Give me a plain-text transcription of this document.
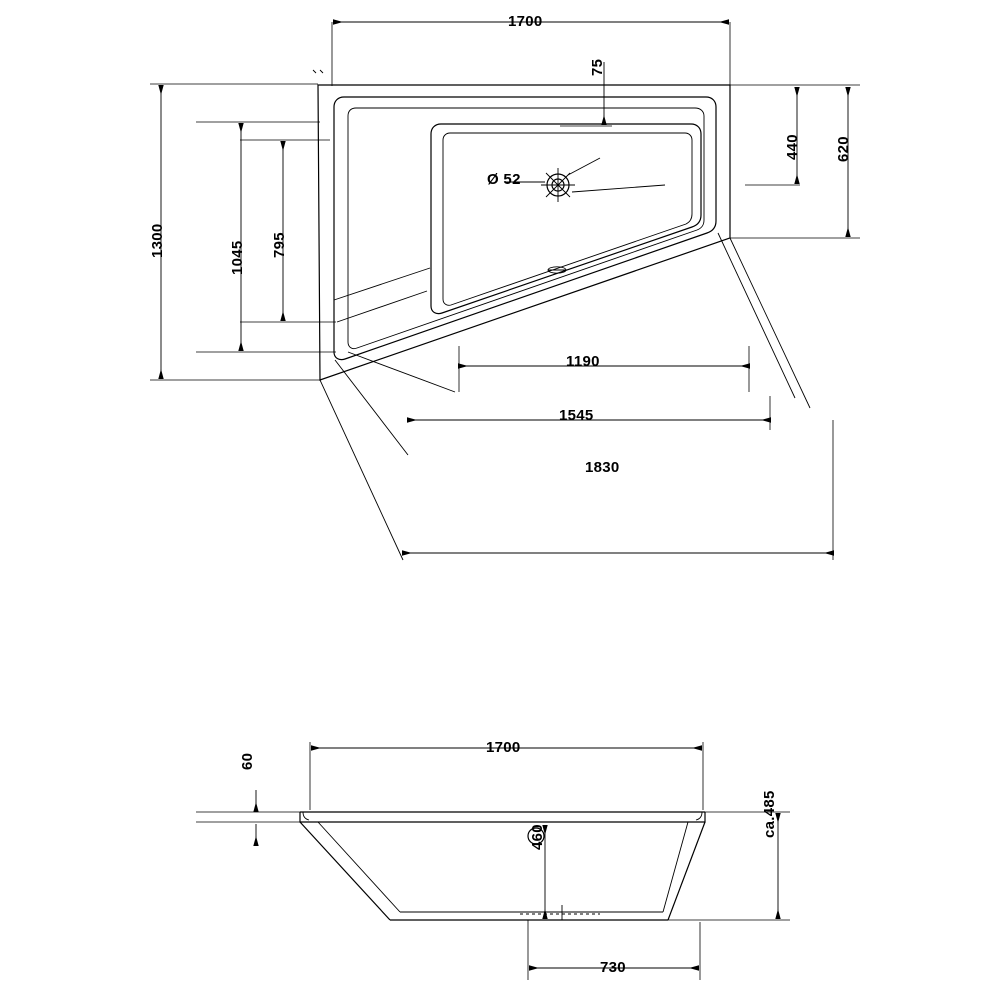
1700
75
Ø 52
440 620
1300	1045 795
1190
1545
1830
1700
60
460	ca.485
730
